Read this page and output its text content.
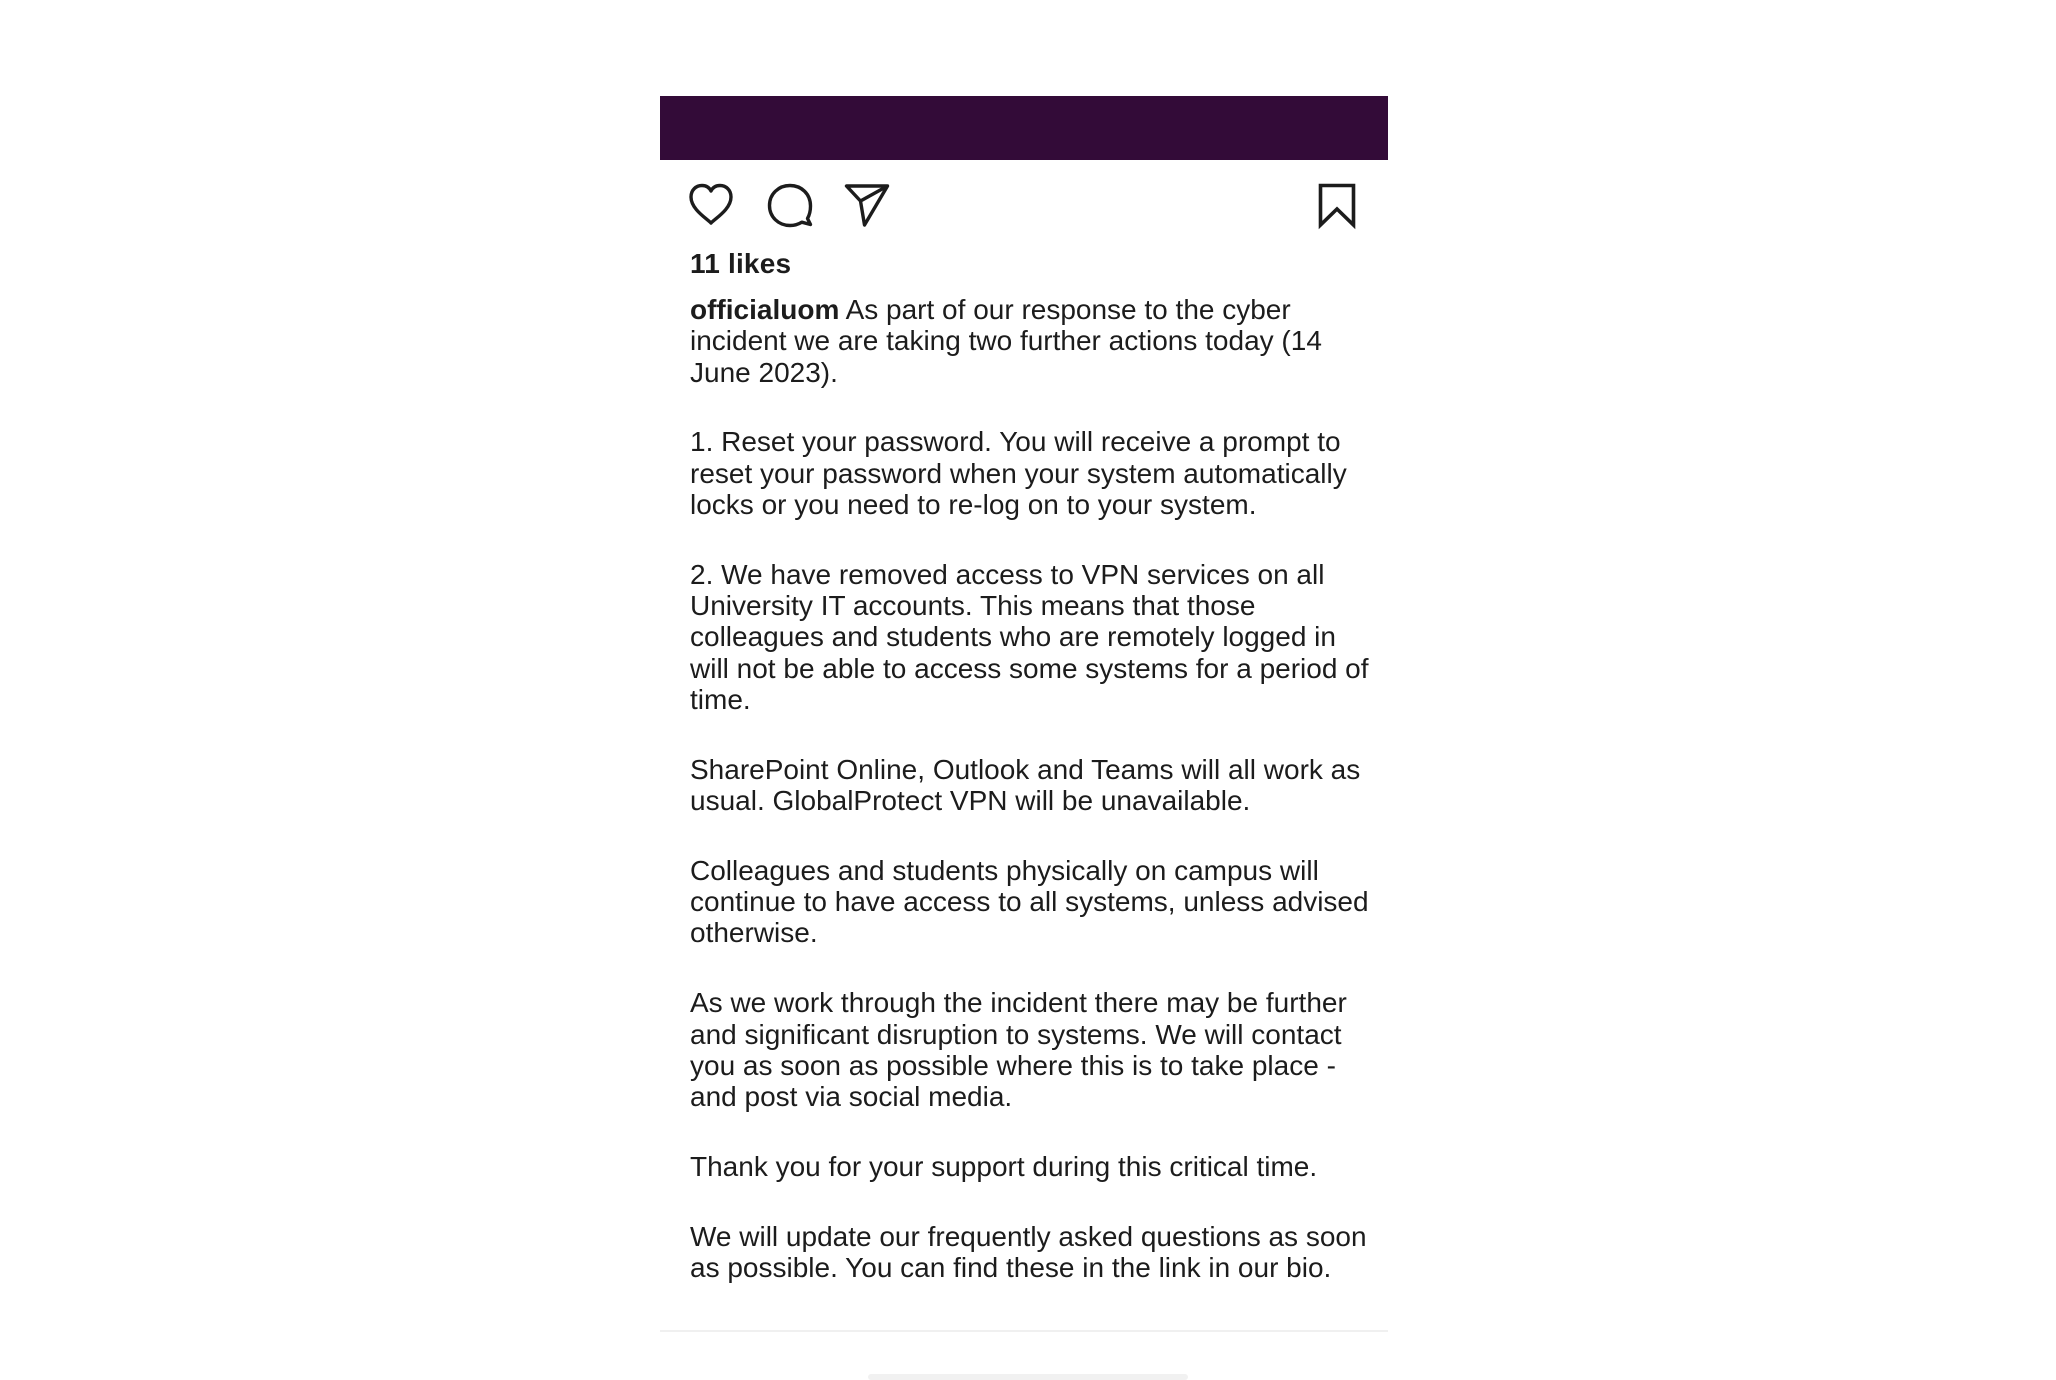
11 likes

officialuom As part of our response to the cyber incident we are taking two further actions today (14 June 2023).

1. Reset your password. You will receive a prompt to reset your password when your system automatically locks or you need to re-log on to your system.

2. We have removed access to VPN services on all University IT accounts. This means that those colleagues and students who are remotely logged in will not be able to access some systems for a period of time.

SharePoint Online, Outlook and Teams will all work as usual. GlobalProtect VPN will be unavailable.

Colleagues and students physically on campus will continue to have access to all systems, unless advised otherwise.

As we work through the incident there may be further and significant disruption to systems. We will contact you as soon as possible where this is to take place - and post via social media.

Thank you for your support during this critical time.

We will update our frequently asked questions as soon as possible. You can find these in the link in our bio.
